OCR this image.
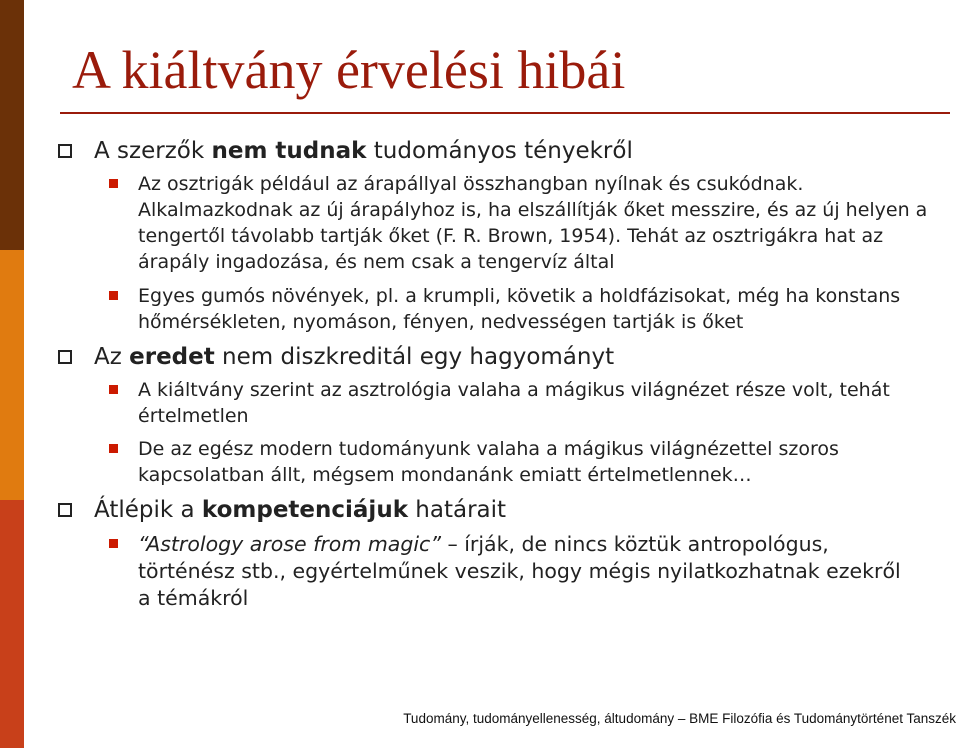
A kiáltvány érvelési hibái
A szerzők nem tudnak tudományos tényekről
Az osztrigák például az árapállyal összhangban nyílnak és csukódnak. Alkalmazkodnak az új árapályhoz is, ha elszállítják őket messzire, és az új helyen a tengertől távolabb tartják őket (F. R. Brown, 1954). Tehát az osztrigákra hat az árapály ingadozása, és nem csak a tengervíz által
Egyes gumós növények, pl. a krumpli, követik a holdfázisokat, még ha konstans hőmérsékleten, nyomáson, fényen, nedvességen tartják is őket
Az eredet nem diszkreditál egy hagyományt
A kiáltvány szerint az asztrológia valaha a mágikus világnézet része volt, tehát értelmetlen
De az egész modern tudományunk valaha a mágikus világnézettel szoros kapcsolatban állt, mégsem mondanánk emiatt értelmetlennek…
Átlépik a kompetenciájuk határait
“Astrology arose from magic” – írják, de nincs köztük antropológus, történész stb., egyértelműnek veszik, hogy mégis nyilatkozhatnak ezekről a témákról
Tudomány, tudományellenesség, áltudomány – BME Filozófia és Tudománytörténet Tanszék
